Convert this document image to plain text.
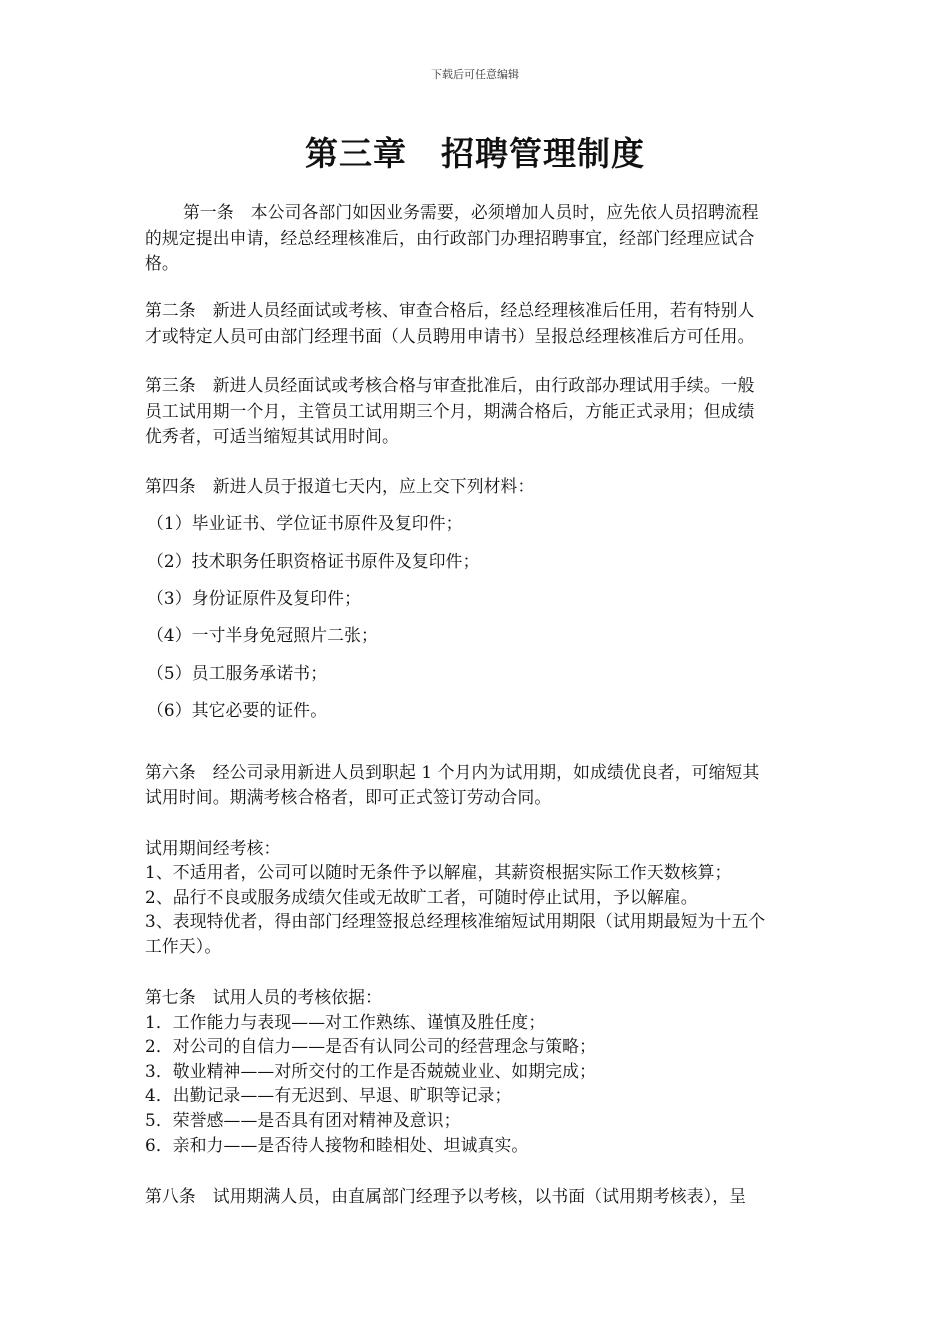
下载后可任意编辑
第三章　招聘管理制度
第一条　本公司各部门如因业务需要，必须增加人员时，应先依人员招聘流程
的规定提出申请，经总经理核准后，由行政部门办理招聘事宜，经部门经理应试合
格。
第二条　新进人员经面试或考核、审查合格后，经总经理核准后任用，若有特别人
才或特定人员可由部门经理书面（人员聘用申请书）呈报总经理核准后方可任用。
第三条　新进人员经面试或考核合格与审查批准后，由行政部办理试用手续。一般
员工试用期一个月，主管员工试用期三个月，期满合格后，方能正式录用；但成绩
优秀者，可适当缩短其试用时间。
第四条　新进人员于报道七天内，应上交下列材料：
（1）毕业证书、学位证书原件及复印件；
（2）技术职务任职资格证书原件及复印件；
（3）身份证原件及复印件；
（4）一寸半身免冠照片二张；
（5）员工服务承诺书；
（6）其它必要的证件。
第六条　经公司录用新进人员到职起 1 个月内为试用期，如成绩优良者，可缩短其
试用时间。期满考核合格者，即可正式签订劳动合同。
试用期间经考核：
1、不适用者，公司可以随时无条件予以解雇，其薪资根据实际工作天数核算；
2、品行不良或服务成绩欠佳或无故旷工者，可随时停止试用，予以解雇。
3、表现特优者，得由部门经理签报总经理核准缩短试用期限（试用期最短为十五个
工作天）。
第七条　试用人员的考核依据：
1．工作能力与表现——对工作熟练、谨慎及胜任度；
2．对公司的自信力——是否有认同公司的经营理念与策略；
3．敬业精神——对所交付的工作是否兢兢业业、如期完成；
4．出勤记录——有无迟到、早退、旷职等记录；
5．荣誉感——是否具有团对精神及意识；
6．亲和力——是否待人接物和睦相处、坦诚真实。
第八条　试用期满人员，由直属部门经理予以考核，以书面（试用期考核表），呈
